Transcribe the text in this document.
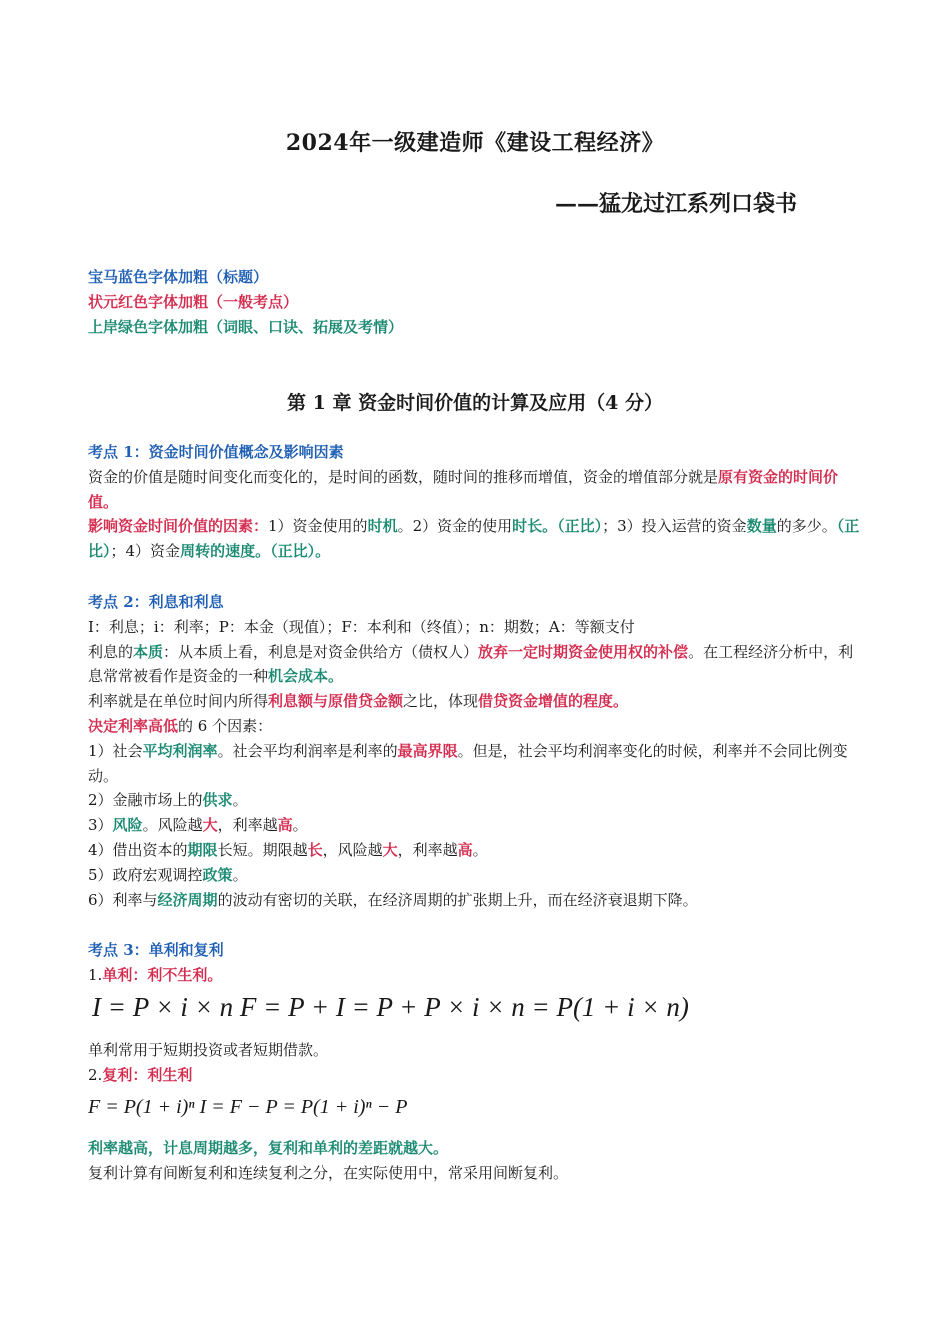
2024年一级建造师《建设工程经济》
——猛龙过江系列口袋书
宝马蓝色字体加粗（标题）
状元红色字体加粗（一般考点）
上岸绿色字体加粗（词眼、口诀、拓展及考情）
第 1 章 资金时间价值的计算及应用（4 分）

考点 1：资金时间价值概念及影响因素

资金的价值是随时间变化而变化的，是时间的函数，随时间的推移而增值，资金的增值部分就是原有资金的时间价值。

影响资金时间价值的因素：1）资金使用的时机。2）资金的使用时长。（正比）；3）投入运营的资金数量的多少。（正比）；4）资金周转的速度。（正比）。

考点 2：利息和利息

I：利息；i：利率；P：本金（现值）；F：本利和（终值）；n：期数；A：等额支付

利息的本质：从本质上看，利息是对资金供给方（债权人）放弃一定时期资金使用权的补偿。在工程经济分析中，利息常常被看作是资金的一种机会成本。

利率就是在单位时间内所得利息额与原借贷金额之比，体现借贷资金增值的程度。

决定利率高低的 6 个因素：

1）社会平均利润率。社会平均利润率是利率的最高界限。但是，社会平均利润率变化的时候，利率并不会同比例变动。

2）金融市场上的供求。

3）风险。风险越大，利率越高。

4）借出资本的期限长短。期限越长，风险越大，利率越高。

5）政府宏观调控政策。

6）利率与经济周期的波动有密切的关联，在经济周期的扩张期上升，而在经济衰退期下降。

考点 3：单利和复利

1.单利：利不生利。

I = P × i × n F = P + I = P + P × i × n = P(1 + i × n)

单利常用于短期投资或者短期借款。

2.复利：利生利

F = P(1 + i)ⁿ I = F − P = P(1 + i)ⁿ − P

利率越高，计息周期越多，复利和单利的差距就越大。

复利计算有间断复利和连续复利之分，在实际使用中，常采用间断复利。
